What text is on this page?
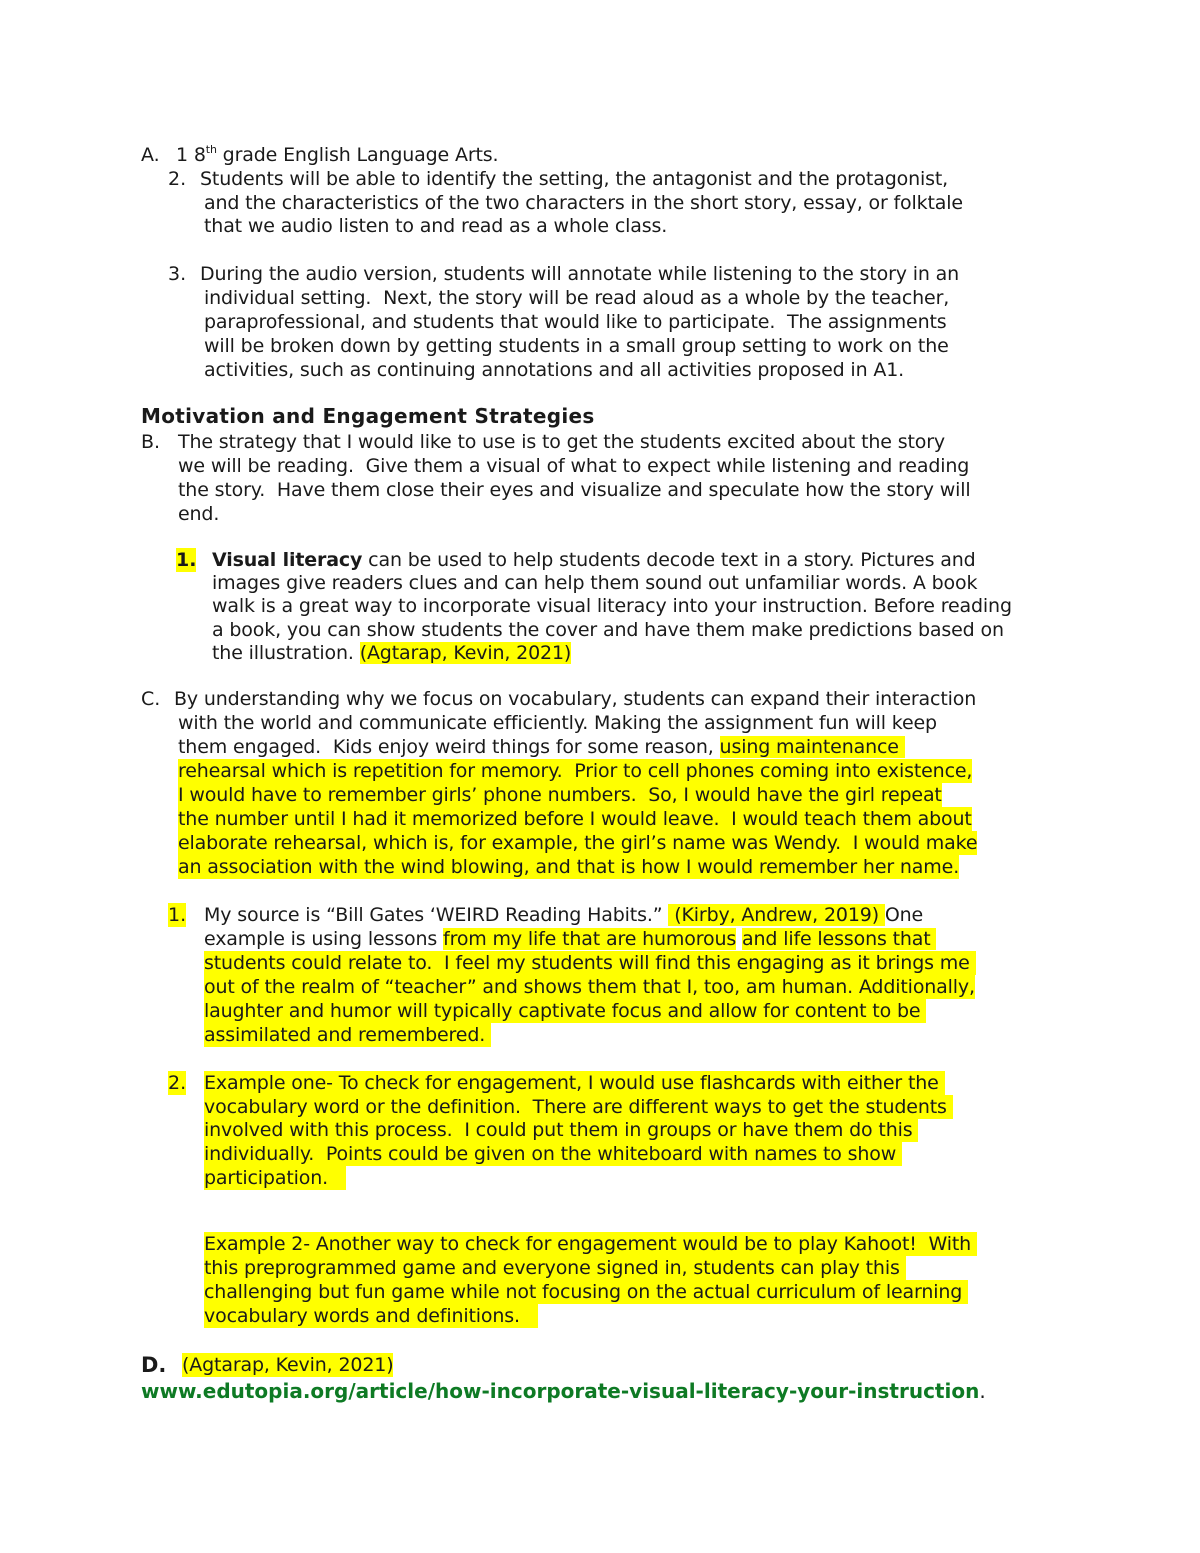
A. 1 8th grade English Language Arts.
2. Students will be able to identify the setting, the antagonist and the protagonist,
and the characteristics of the two characters in the short story, essay, or folktale
that we audio listen to and read as a whole class.
3. During the audio version, students will annotate while listening to the story in an
individual setting.  Next, the story will be read aloud as a whole by the teacher,
paraprofessional, and students that would like to participate.  The assignments
will be broken down by getting students in a small group setting to work on the
activities, such as continuing annotations and all activities proposed in A1.
Motivation and Engagement Strategies
B. The strategy that I would like to use is to get the students excited about the story
we will be reading.  Give them a visual of what to expect while listening and reading
the story.  Have them close their eyes and visualize and speculate how the story will
end.
1. Visual literacy can be used to help students decode text in a story. Pictures and
images give readers clues and can help them sound out unfamiliar words. A book
walk is a great way to incorporate visual literacy into your instruction. Before reading
a book, you can show students the cover and have them make predictions based on
the illustration. (Agtarap, Kevin, 2021)
C. By understanding why we focus on vocabulary, students can expand their interaction
with the world and communicate efficiently. Making the assignment fun will keep
them engaged.  Kids enjoy weird things for some reason, using maintenance
rehearsal which is repetition for memory.  Prior to cell phones coming into existence,
I would have to remember girls’ phone numbers.  So, I would have the girl repeat
the number until I had it memorized before I would leave.  I would teach them about
elaborate rehearsal, which is, for example, the girl’s name was Wendy.  I would make
an association with the wind blowing, and that is how I would remember her name.
1. My source is “Bill Gates ‘WEIRD Reading Habits.”  (Kirby, Andrew, 2019) One
example is using lessons from my life that are humorous and life lessons that
students could relate to.  I feel my students will find this engaging as it brings me
out of the realm of “teacher” and shows them that I, too, am human. Additionally,
laughter and humor will typically captivate focus and allow for content to be
assimilated and remembered.
2. Example one- To check for engagement, I would use flashcards with either the
vocabulary word or the definition.  There are different ways to get the students
involved with this process.  I could put them in groups or have them do this
individually.  Points could be given on the whiteboard with names to show
participation.
Example 2- Another way to check for engagement would be to play Kahoot!  With
this preprogrammed game and everyone signed in, students can play this
challenging but fun game while not focusing on the actual curriculum of learning
vocabulary words and definitions.
D. (Agtarap, Kevin, 2021)
www.edutopia.org/article/how-incorporate-visual-literacy-your-instruction.
